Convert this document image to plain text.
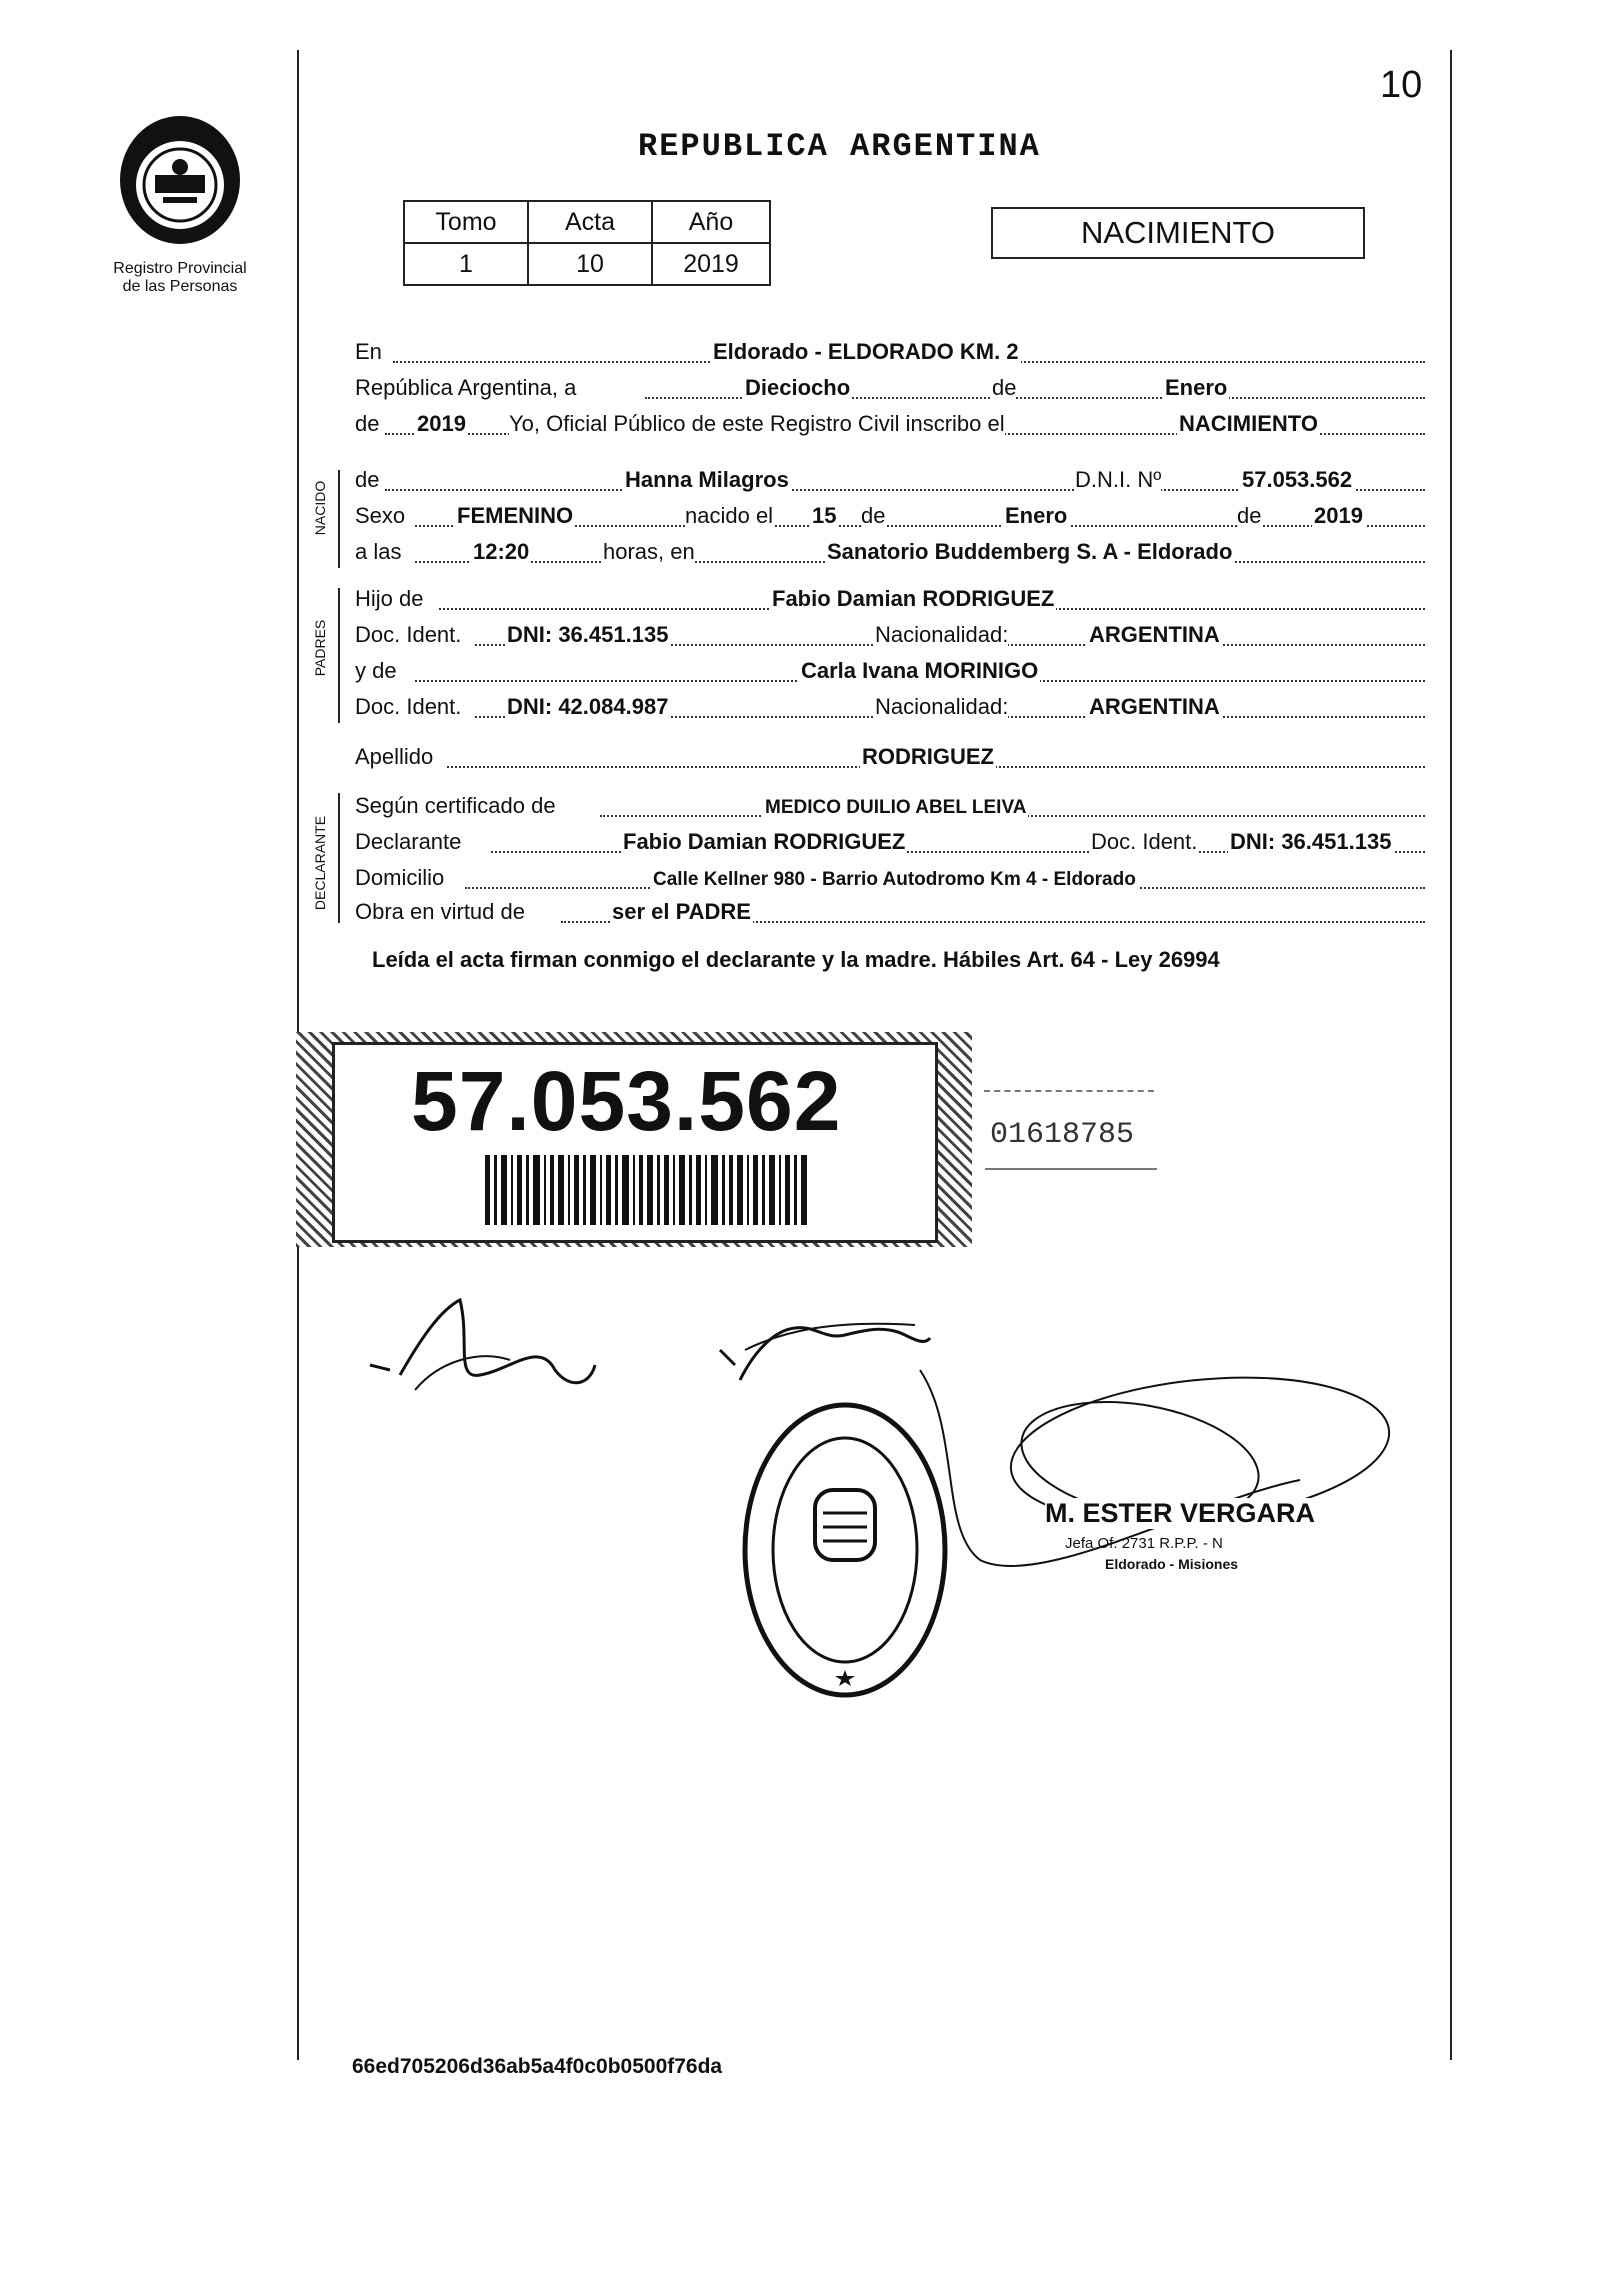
10
Registro Provincial
de las Personas
REPUBLICA ARGENTINA
Tomo	Acta	Año
1	10	2019
NACIMIENTO
En	Eldorado - ELDORADO KM. 2
República Argentina, a	Dieciocho	de	Enero
de 2019 Yo, Oficial Público de este Registro Civil inscribo el	NACIMIENTO
NACIDO
de	Hanna Milagros	D.N.I. Nº	57.053.562
Sexo FEMENINO	nacido el 15 de	Enero	de 2019
a las	12:20	horas, en	Sanatorio Buddemberg S. A - Eldorado
PADRES
Hijo de	Fabio Damian RODRIGUEZ
Doc. Ident. DNI: 36.451.135	Nacionalidad:	ARGENTINA
y de	Carla Ivana MORINIGO
Doc. Ident. DNI: 42.084.987	Nacionalidad:	ARGENTINA
Apellido	RODRIGUEZ
DECLARANTE
Según certificado de	MEDICO DUILIO ABEL LEIVA
Declarante	Fabio Damian RODRIGUEZ	Doc. Ident. DNI: 36.451.135
Domicilio	Calle Kellner 980 - Barrio Autodromo Km 4 - Eldorado
Obra en virtud de	ser el PADRE
Leída el acta firman conmigo el declarante y la madre. Hábiles Art. 64 - Ley 26994
57.053.562	01618785
M. ESTER VERGARA
Jefa Of. 2731 R.P.P. - N
Eldorado - Misiones
66ed705206d36ab5a4f0c0b0500f76da
